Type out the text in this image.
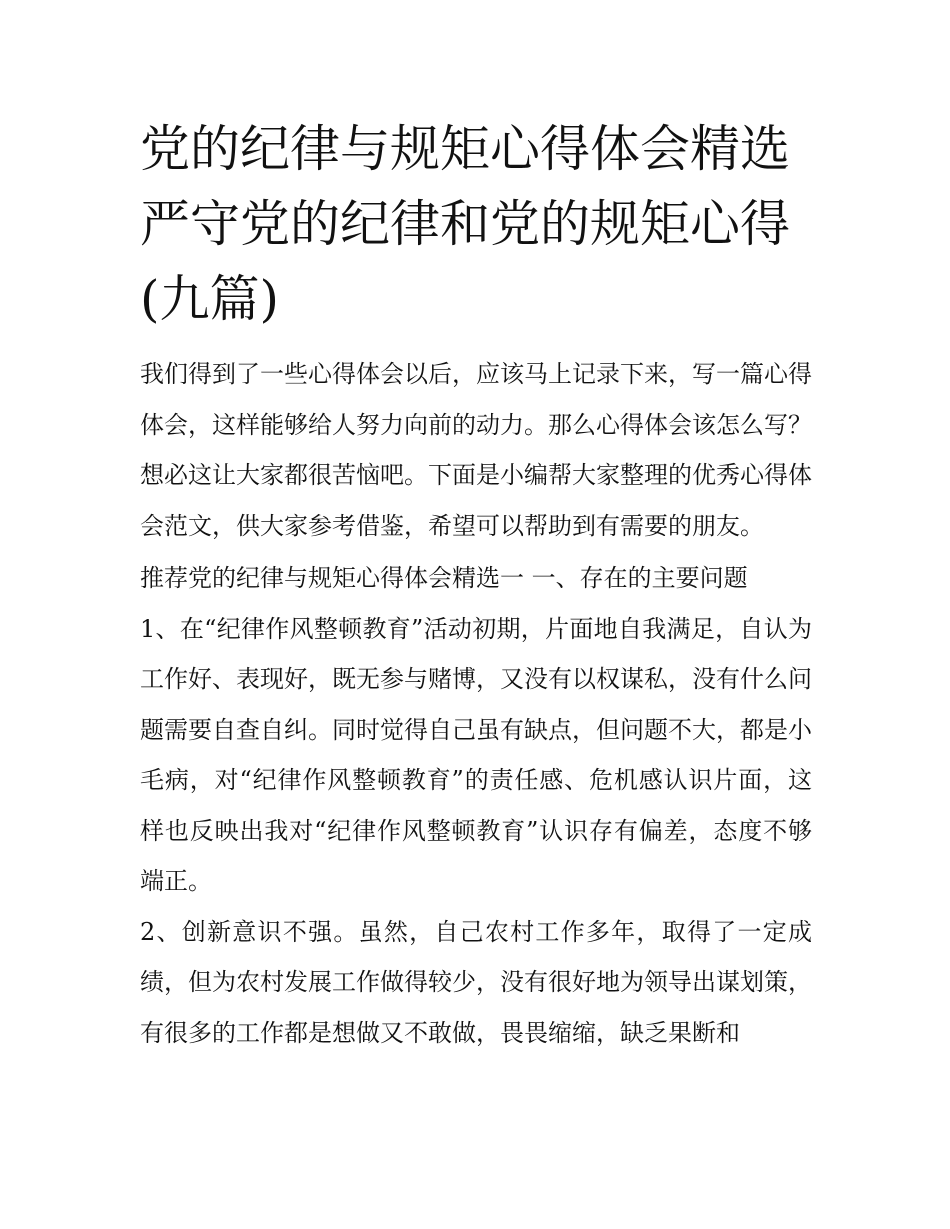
党的纪律与规矩心得体会精选严守党的纪律和党的规矩心得(九篇)

我们得到了一些心得体会以后，应该马上记录下来，写一篇心得体会，这样能够给人努力向前的动力。那么心得体会该怎么写？想必这让大家都很苦恼吧。下面是小编帮大家整理的优秀心得体会范文，供大家参考借鉴，希望可以帮助到有需要的朋友。

推荐党的纪律与规矩心得体会精选一 一、存在的主要问题

1、在“纪律作风整顿教育”活动初期，片面地自我满足，自认为工作好、表现好，既无参与赌博，又没有以权谋私，没有什么问题需要自查自纠。同时觉得自己虽有缺点，但问题不大，都是小毛病，对“纪律作风整顿教育”的责任感、危机感认识片面，这样也反映出我对“纪律作风整顿教育”认识存有偏差，态度不够端正。

2、创新意识不强。虽然，自己农村工作多年，取得了一定成绩，但为农村发展工作做得较少，没有很好地为领导出谋划策，有很多的工作都是想做又不敢做，畏畏缩缩，缺乏果断和
